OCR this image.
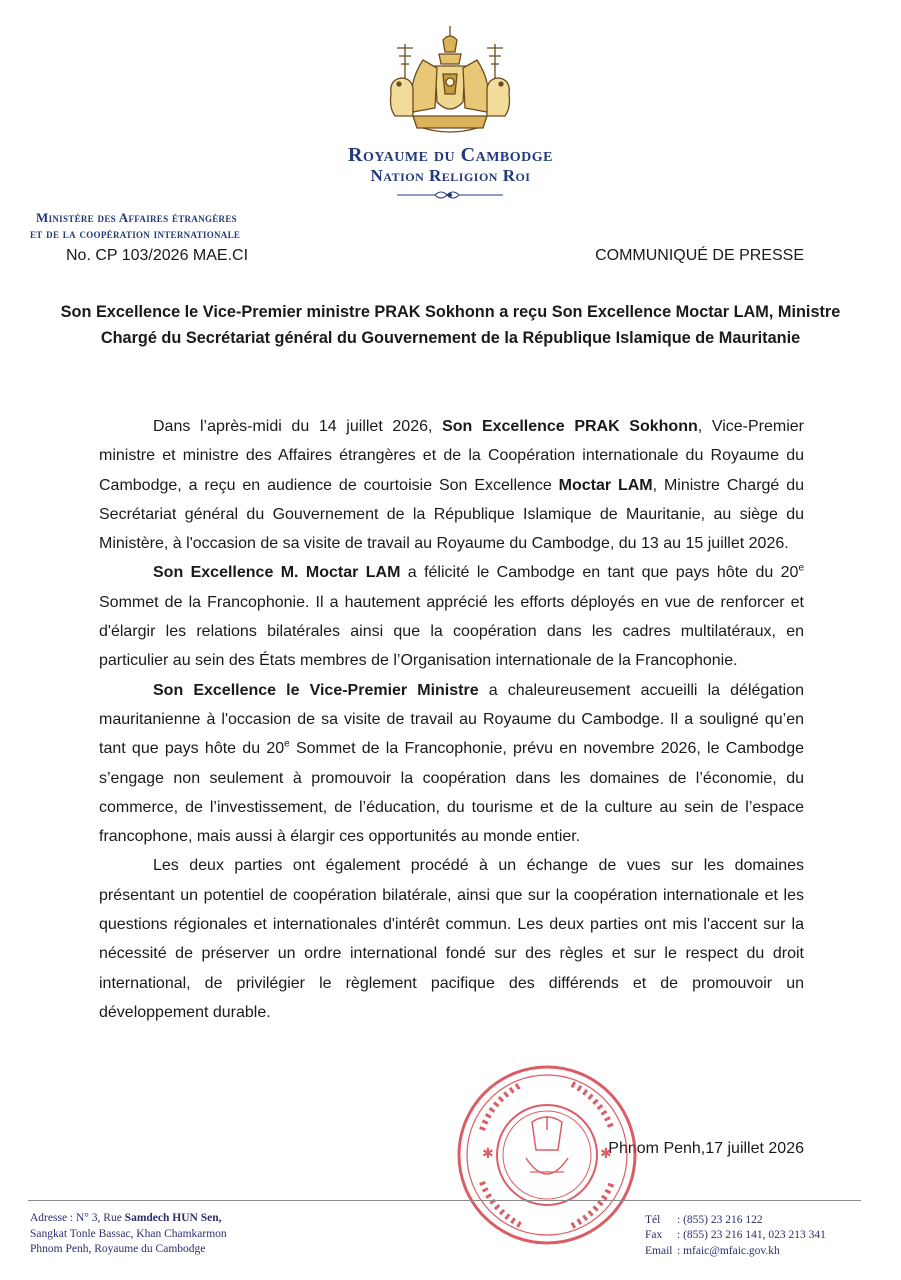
Royaume du Cambodge
Nation Religion Roi
Ministère des Affaires étrangères
et de la coopération internationale
No. CP 103/2026 MAE.CI	COMMUNIQUÉ DE PRESSE
Son Excellence le Vice-Premier ministre PRAK Sokhonn a reçu Son Excellence Moctar LAM, Ministre Chargé du Secrétariat général du Gouvernement de la République Islamique de Mauritanie

Dans l’après-midi du 14 juillet 2026, Son Excellence PRAK Sokhonn, Vice-Premier ministre et ministre des Affaires étrangères et de la Coopération internationale du Royaume du Cambodge, a reçu en audience de courtoisie Son Excellence Moctar LAM, Ministre Chargé du Secrétariat général du Gouvernement de la République Islamique de Mauritanie, au siège du Ministère, à l'occasion de sa visite de travail au Royaume du Cambodge, du 13 au 15 juillet 2026.

Son Excellence M. Moctar LAM a félicité le Cambodge en tant que pays hôte du 20e Sommet de la Francophonie. Il a hautement apprécié les efforts déployés en vue de renforcer et d'élargir les relations bilatérales ainsi que la coopération dans les cadres multilatéraux, en particulier au sein des États membres de l’Organisation internationale de la Francophonie.

Son Excellence le Vice-Premier Ministre a chaleureusement accueilli la délégation mauritanienne à l'occasion de sa visite de travail au Royaume du Cambodge. Il a souligné qu’en tant que pays hôte du 20e Sommet de la Francophonie, prévu en novembre 2026, le Cambodge s’engage non seulement à promouvoir la coopération dans les domaines de l’économie, du commerce, de l’investissement, de l’éducation, du tourisme et de la culture au sein de l’espace francophone, mais aussi à élargir ces opportunités au monde entier.

Les deux parties ont également procédé à un échange de vues sur les domaines présentant un potentiel de coopération bilatérale, ainsi que sur la coopération internationale et les questions régionales et internationales d'intérêt commun. Les deux parties ont mis l'accent sur la nécessité de préserver un ordre international fondé sur des règles et sur le respect du droit international, de privilégier le règlement pacifique des différends et de promouvoir un développement durable.

Phnom Penh,17 juillet 2026
✱	✱
Adresse : N° 3, Rue Samdech HUN Sen,
Sangkat Tonle Bassac, Khan Chamkarmon
Phnom Penh, Royaume du Cambodge
Tél : (855) 23 216 122
Fax : (855) 23 216 141, 023 213 341
Email : mfaic@mfaic.gov.kh
